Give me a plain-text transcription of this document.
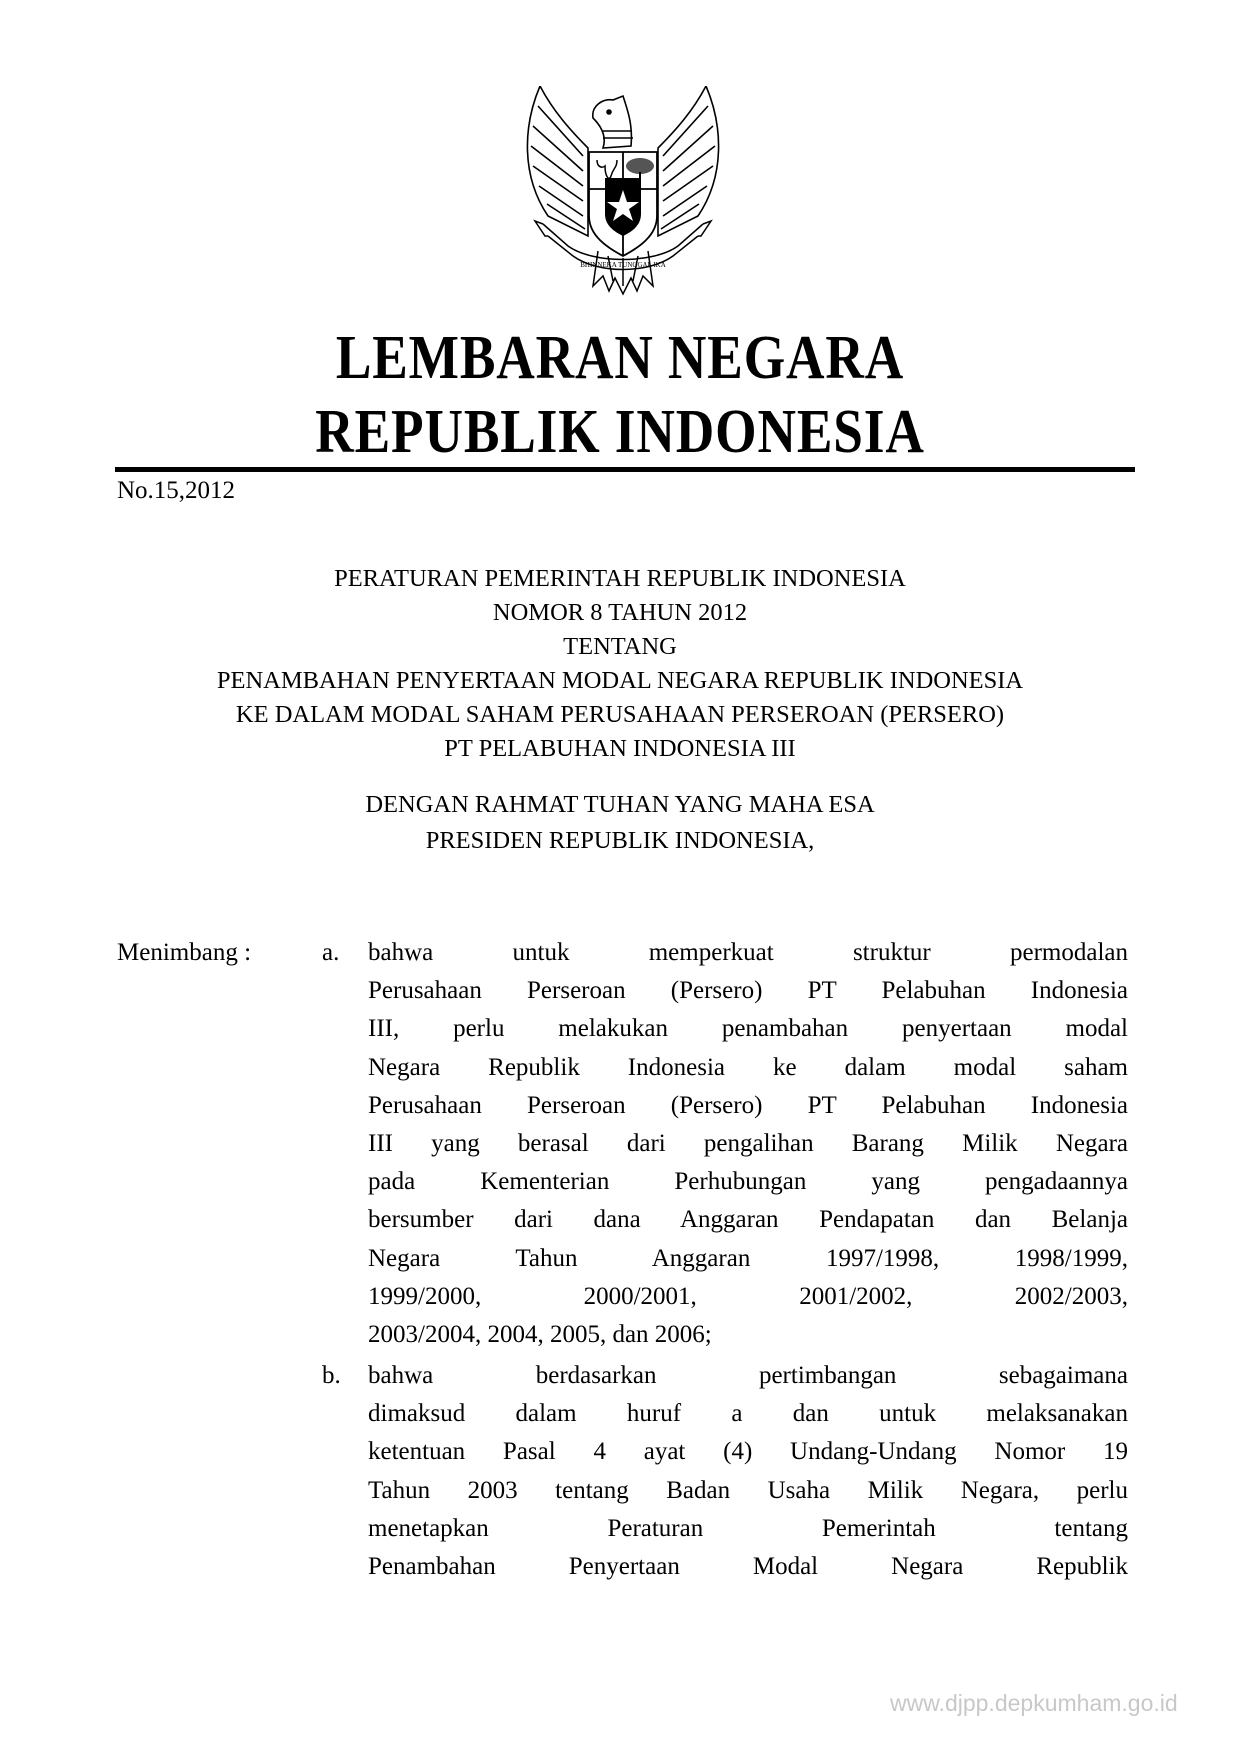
BHINNEKA TUNGGAL IKA
LEMBARAN NEGARA
REPUBLIK INDONESIA
No.15,2012
PERATURAN PEMERINTAH REPUBLIK INDONESIA
NOMOR 8 TAHUN 2012
TENTANG
PENAMBAHAN PENYERTAAN MODAL NEGARA REPUBLIK INDONESIA
KE DALAM MODAL SAHAM PERUSAHAAN PERSEROAN (PERSERO)
PT PELABUHAN INDONESIA III
DENGAN RAHMAT TUHAN YANG MAHA ESA
PRESIDEN REPUBLIK INDONESIA,
Menimbang :	a. bahwa untuk memperkuat struktur permodalan
Perusahaan Perseroan (Persero) PT Pelabuhan Indonesia
III, perlu melakukan penambahan penyertaan modal
Negara Republik Indonesia ke dalam modal saham
Perusahaan Perseroan (Persero) PT Pelabuhan Indonesia
III yang berasal dari pengalihan Barang Milik Negara
pada Kementerian Perhubungan yang pengadaannya
bersumber dari dana Anggaran Pendapatan dan Belanja
Negara Tahun Anggaran 1997/1998, 1998/1999,
1999/2000, 2000/2001, 2001/2002, 2002/2003,
2003/2004, 2004, 2005, dan 2006;
b. bahwa berdasarkan pertimbangan sebagaimana
dimaksud dalam huruf a dan untuk melaksanakan
ketentuan Pasal 4 ayat (4) Undang-Undang Nomor 19
Tahun 2003 tentang Badan Usaha Milik Negara, perlu
menetapkan Peraturan Pemerintah tentang
Penambahan Penyertaan Modal Negara Republik
www.djpp.depkumham.go.id
